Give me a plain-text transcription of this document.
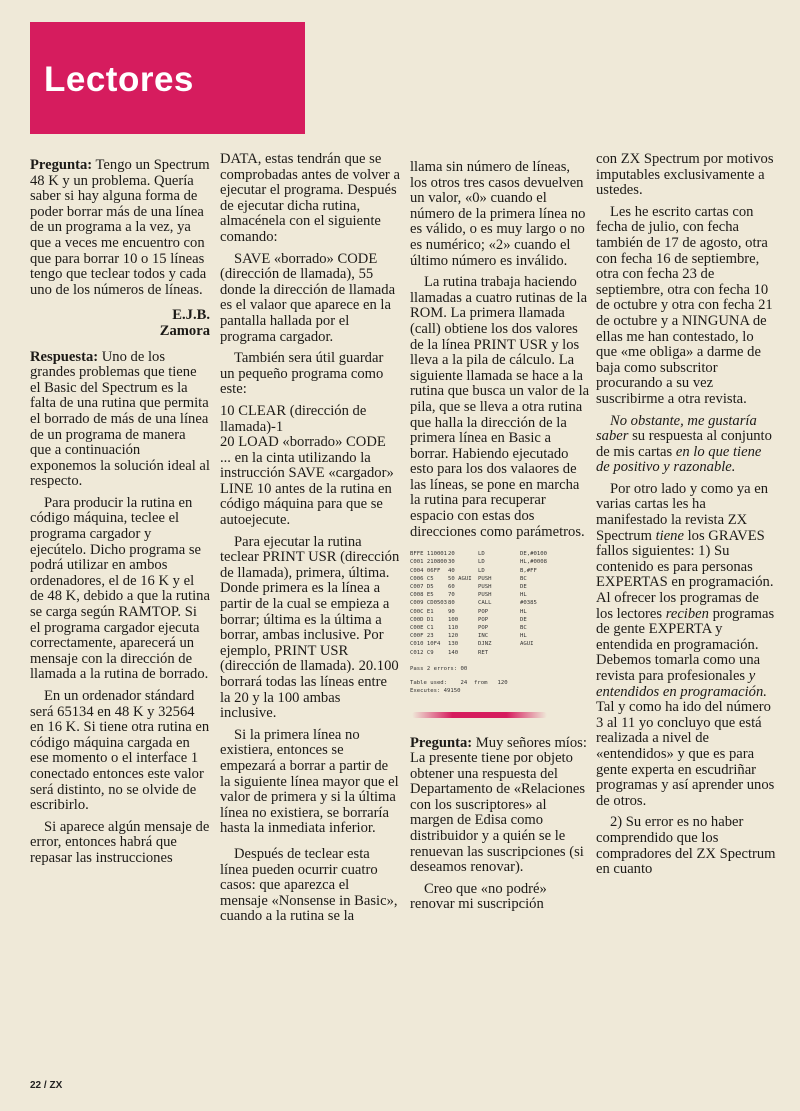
Lectores

Pregunta: Tengo un Spectrum 48 K y un problema. Quería saber si hay alguna forma de poder borrar más de una línea de un programa a la vez, ya que a veces me encuentro con que para borrar 10 o 15 líneas tengo que teclear todos y cada uno de los números de líneas.

E.J.B.

Zamora

Respuesta: Uno de los grandes problemas que tiene el Basic del Spectrum es la falta de una rutina que permita el borrado de más de una línea de un programa de manera que a continuación exponemos la solución ideal al respecto.

Para producir la rutina en código máquina, teclee el programa cargador y ejecútelo. Dicho programa se podrá utilizar en ambos ordenadores, el de 16 K y el de 48 K, debido a que la rutina se carga según RAMTOP. Si el programa cargador ejecuta correctamente, aparecerá un mensaje con la dirección de llamada a la rutina de borrado.

En un ordenador stándard será 65134 en 48 K y 32564 en 16 K. Si tiene otra rutina en código máquina cargada en ese momento o el interface 1 conectado entonces este valor será distinto, no se olvide de escribirlo.

Si aparece algún mensaje de error, entonces habrá que repasar las instrucciones

DATA, estas tendrán que se comprobadas antes de volver a ejecutar el programa. Después de ejecutar dicha rutina, almacénela con el siguiente comando:

SAVE «borrado» CODE (dirección de llamada), 55 donde la dirección de llamada es el valaor que aparece en la pantalla hallada por el programa cargador.

También sera útil guardar un pequeño programa como este:

10 CLEAR (dirección de llamada)-1

20 LOAD «borrado» CODE

... en la cinta utilizando la instrucción SAVE «cargador» LINE 10 antes de la rutina en código máquina para que se autoejecute.

Para ejecutar la rutina teclear PRINT USR (dirección de llamada), primera, última. Donde primera es la línea a partir de la cual se empieza a borrar; última es la última a borrar, ambas inclusive. Por ejemplo, PRINT USR (dirección de llamada). 20.100 borrará todas las líneas entre la 20 y la 100 ambas inclusive.

Si la primera línea no existiera, entonces se empezará a borrar a partir de la siguiente línea mayor que el valor de primera y si la última línea no existiera, se borraría hasta la inmediata inferior.

Después de teclear esta línea pueden ocurrir cuatro casos: que aparezca el mensaje «Nonsense in Basic», cuando a la rutina se la

llama sin número de líneas, los otros tres casos devuelven un valor, «0» cuando el número de la primera línea no es válido, o es muy largo o no es numérico; «2» cuando el último número es inválido.

La rutina trabaja haciendo llamadas a cuatro rutinas de la ROM. La primera llamada (call) obtiene los dos valores de la línea PRINT USR y los lleva a la pila de cálculo. La siguiente llamada se hace a la rutina que busca un valor de la pila, que se lleva a otra rutina que halla la dirección de la primera línea en Basic a borrar. Habiendo ejecutado esto para los dos valaores de las líneas, se pone en marcha la rutina para recuperar espacio con estas dos direcciones como parámetros.

BFFE 11000120	LD	DE,#0100
C001 21080030	LD	HL,#0008
C004 06FF 40	LD	B,#FF
C006 C5	50 AGUI PUSH	BC
C007 D5	60	PUSH	DE
C008 E5	70	PUSH	HL
C009 CD050380	CALL	#0385
C00C E1	90	POP	HL
C00D D1	100	POP	DE
C00E C1	110	POP	BC
C00F 23	120	INC	HL
C010 10F4 130	DJNZ	AGUI
C012 C9	140	RET
Pass 2 errors: 00
Table used:    24  from   120
Executes: 49150

Pregunta: Muy señores míos: La presente tiene por objeto obtener una respuesta del Departamento de «Relaciones con los suscriptores» al margen de Edisa como distribuidor y a quién se le renuevan las suscripciones (si deseamos renovar).

Creo que «no podré» renovar mi suscripción

con ZX Spectrum por motivos imputables exclusivamente a ustedes.

Les he escrito cartas con fecha de julio, con fecha también de 17 de agosto, otra con fecha 16 de septiembre, otra con fecha 23 de septiembre, otra con fecha 10 de octubre y otra con fecha 21 de octubre y a NINGUNA de ellas me han contestado, lo que «me obliga» a darme de baja como subscritor procurando a su vez suscribirme a otra revista.

No obstante, me gustaría saber su respuesta al conjunto de mis cartas en lo que tiene de positivo y razonable.

Por otro lado y como ya en varias cartas les ha manifestado la revista ZX Spectrum tiene los GRAVES fallos siguientes: 1) Su contenido es para personas EXPERTAS en programación. Al ofrecer los programas de los lectores reciben programas de gente EXPERTA y entendida en programación. Debemos tomarla como una revista para profesionales y entendidos en programación. Tal y como ha ido del número 3 al 11 yo concluyo que está realizada a nivel de «entendidos» y que es para gente experta en escudriñar programas y así aprender unos de otros.

2) Su error es no haber comprendido que los compradores del ZX Spectrum en cuanto

22 / ZX
